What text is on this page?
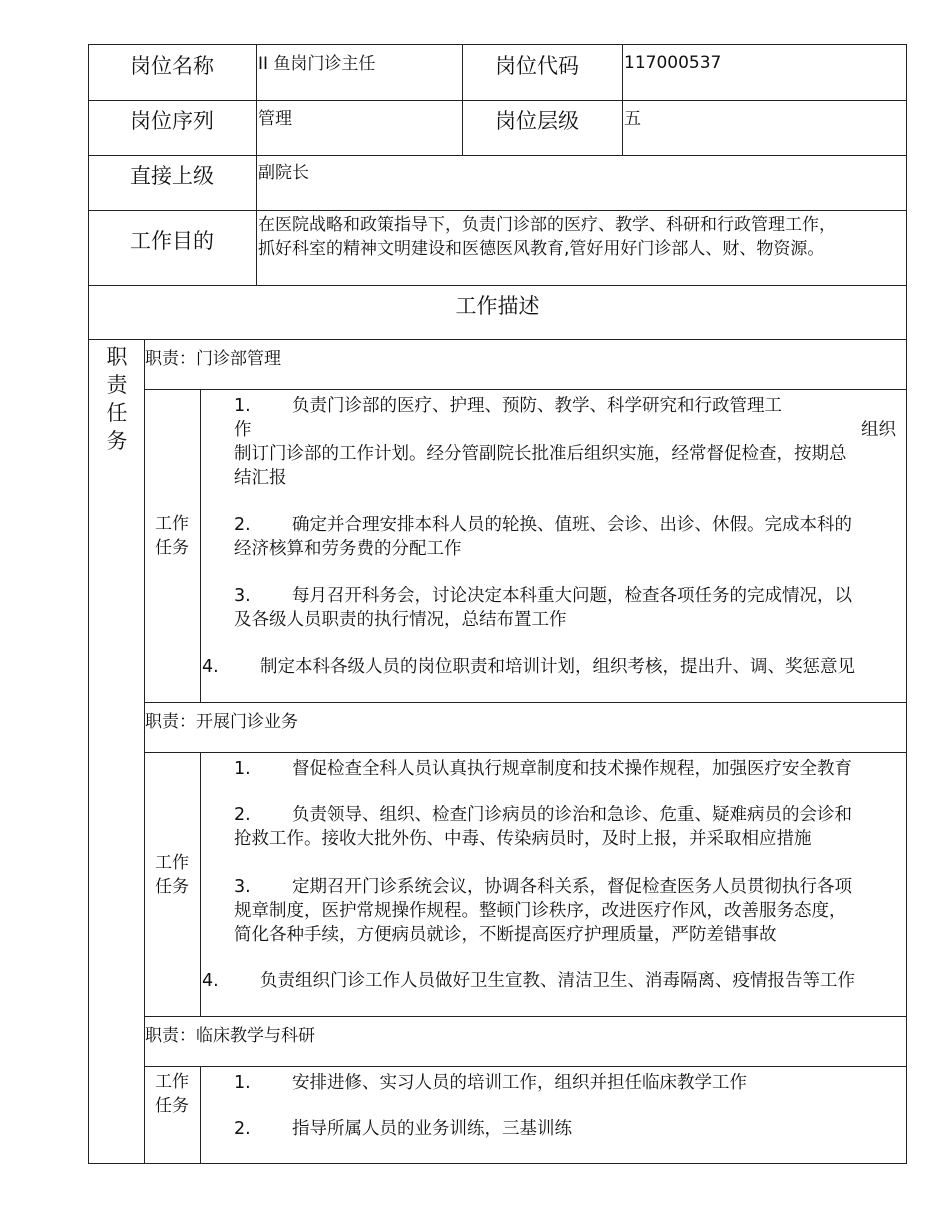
岗位名称	II 鱼岗门诊主任	岗位代码	117000537
岗位序列	管理	岗位层级	五
直接上级	副院长
工作目的
在医院战略和政策指导下，负责门诊部的医疗、教学、科研和行政管理工作，
抓好科室的精神文明建设和医德医风教育,管好用好门诊部人、财、物资源。
工作描述
职
责
任
务
职责：门诊部管理
工作
任务
1. 负责门诊部的医疗、护理、预防、教学、科学研究和行政管理工
作	组织
制订门诊部的工作计划。经分管副院长批准后组织实施，经常督促检查，按期总
结汇报
2. 确定并合理安排本科人员的轮换、值班、会诊、出诊、休假。完成本科的
经济核算和劳务费的分配工作
3. 每月召开科务会，讨论决定本科重大问题，检查各项任务的完成情况，以
及各级人员职责的执行情况，总结布置工作
4. 制定本科各级人员的岗位职责和培训计划，组织考核，提出升、调、奖惩意见
职责：开展门诊业务
工作
任务
1. 督促检查全科人员认真执行规章制度和技术操作规程，加强医疗安全教育
2. 负责领导、组织、检查门诊病员的诊治和急诊、危重、疑难病员的会诊和
抢救工作。接收大批外伤、中毒、传染病员时，及时上报，并采取相应措施
3. 定期召开门诊系统会议，协调各科关系，督促检查医务人员贯彻执行各项
规章制度，医护常规操作规程。整顿门诊秩序，改进医疗作风，改善服务态度，
简化各种手续，方便病员就诊，不断提高医疗护理质量，严防差错事故
4. 负责组织门诊工作人员做好卫生宣教、清洁卫生、消毒隔离、疫情报告等工作
职责：临床教学与科研
工作
任务
1. 安排进修、实习人员的培训工作，组织并担任临床教学工作
2. 指导所属人员的业务训练，三基训练
